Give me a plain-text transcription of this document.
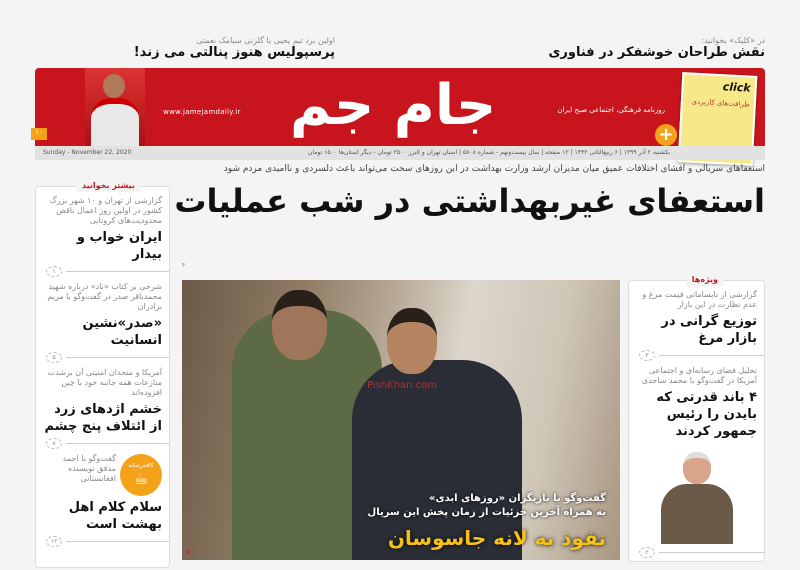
در «کلیک» بخوانید:
نقش طراحان خوشفکر در فناوری
اولین برد تیم یحیی با گلزنی سیامک نعمتی
پرسپولیس هنوز پنالتی می زند!
۱۰
www.jamejamdaily.ir جام جم	روزنامه فرهنگی، اجتماعی صبح ایران
click
ظرافت‌های کاربردی
+
Sunday - November 22, 2020	یکشنبه ۲ آذر ۱۳۹۹ | ۶ ربیع‌الثانی ۱۴۴۲ | ۱۲ صفحه | سال بیست‌ونهم - شماره ۵۸۰۸ | استان تهران و البرز ۲۵۰۰ تومان - دیگر استان‌ها ۱۵۰۰ تومان
استعفاهای سریالی و افشای اختلافات عمیق میان مدیران ارشد وزارت بهداشت در این روزهای سخت می‌تواند باعث دلسردی و ناامیدی مردم شود
استعفای غیربهداشتی در شب عملیات
۴
PishKhan.com
گفت‌وگو با بازیگران «روزهای ابدی»
به همراه آخرین جزئیات از زمان پخش این سریال
نفوذ به لانه جاسوسان
۱۰
بیشتر بخوانید
گزارشی از تهران و ۱۰ شهر بزرگ کشور در اولین روز اعمال ناقص محدودیت‌های کرونایی
ایران خواب و بیدار
۱
شرحی بر کتاب «ناد» درباره شهید محمدباقر صدر در گفت‌وگو با مریم برادران
«صدر»نشین انسانیت
۵
آمریکا و متحدان امنیتی آن برشدت منازعات همه جانبه خود با چین افزوده‌اند
خشم اژدهای زرد از ائتلاف پنج چشم
۸
کافه‌رسانه
☕
گفت‌وگو با احمد مدقق نویسنده افغانستانی
سلام کلام اهل بهشت است
۱۲
ویژه‌ها
گزارشی از نابسامانی قیمت مرغ و عدم نظارت در این بازار
توزیع گرانی در بازار مرغ
۳
تحلیل فضای رسانه‌ای و اجتماعی آمریکا در گفت‌وگو با محمد ساجدی
۴ باند قدرتی که بایدن را رئیس جمهور کردند
۲
